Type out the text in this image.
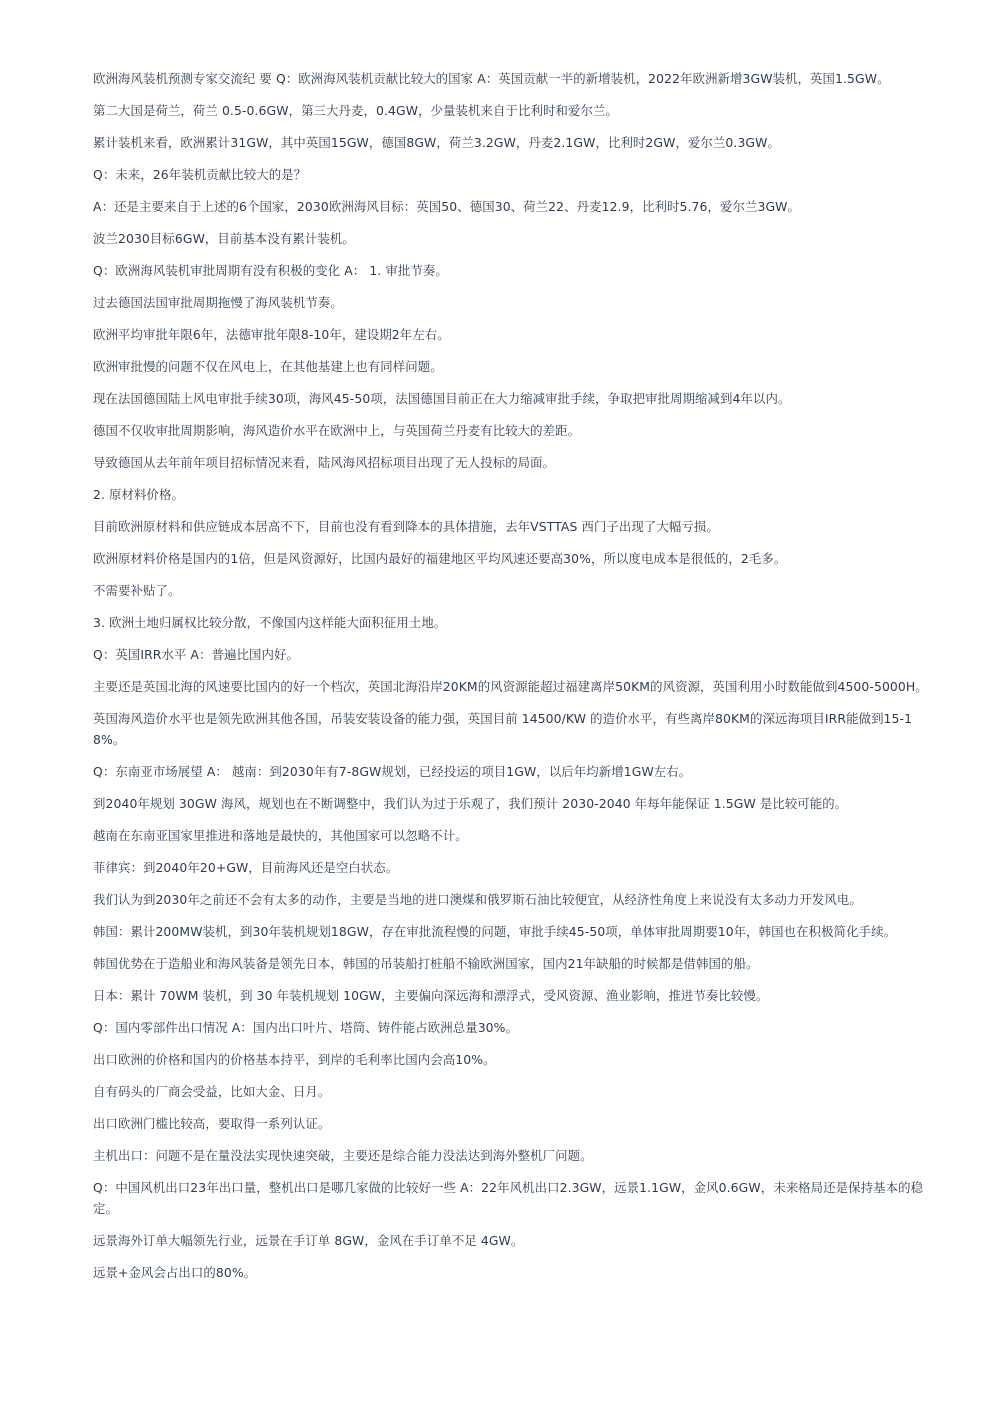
欧洲海风装机预测专家交流纪 要 Q：欧洲海风装机贡献比较大的国家 A：英国贡献一半的新增装机，2022年欧洲新增3GW装机，英国1.5GW。

第二大国是荷兰，荷兰 0.5-0.6GW，第三大丹麦，0.4GW，少量装机来自于比利时和爱尔兰。

累计装机来看，欧洲累计31GW，其中英国15GW，德国8GW，荷兰3.2GW，丹麦2.1GW，比利时2GW，爱尔兰0.3GW。

Q：未来，26年装机贡献比较大的是？

A：还是主要来自于上述的6个国家，2030欧洲海风目标：英国50、德国30、荷兰22、丹麦12.9，比利时5.76，爱尔兰3GW。

波兰2030目标6GW，目前基本没有累计装机。

Q：欧洲海风装机审批周期有没有积极的变化 A： 1. 审批节奏。

过去德国法国审批周期拖慢了海风装机节奏。

欧洲平均审批年限6年，法德审批年限8-10年，建设期2年左右。

欧洲审批慢的问题不仅在风电上，在其他基建上也有同样问题。

现在法国德国陆上风电审批手续30项，海风45-50项，法国德国目前正在大力缩减审批手续，争取把审批周期缩减到4年以内。

德国不仅收审批周期影响，海风造价水平在欧洲中上，与英国荷兰丹麦有比较大的差距。

导致德国从去年前年项目招标情况来看，陆风海风招标项目出现了无人投标的局面。

2. 原材料价格。

目前欧洲原材料和供应链成本居高不下，目前也没有看到降本的具体措施，去年VSTTAS 西门子出现了大幅亏损。

欧洲原材料价格是国内的1倍，但是风资源好，比国内最好的福建地区平均风速还要高30%，所以度电成本是很低的，2毛多。

不需要补贴了。

3. 欧洲土地归属权比较分散，不像国内这样能大面积征用土地。

Q：英国IRR水平 A：普遍比国内好。

主要还是英国北海的风速要比国内的好一个档次，英国北海沿岸20KM的风资源能超过福建离岸50KM的风资源，英国利用小时数能做到4500-5000H。

英国海风造价水平也是领先欧洲其他各国，吊装安装设备的能力强，英国目前 14500/KW 的造价水平，有些离岸80KM的深远海项目IRR能做到15-18%。

Q：东南亚市场展望 A： 越南：到2030年有7-8GW规划，已经投运的项目1GW，以后年均新增1GW左右。

到2040年规划 30GW 海风，规划也在不断调整中，我们认为过于乐观了，我们预计 2030-2040 年每年能保证 1.5GW 是比较可能的。

越南在东南亚国家里推进和落地是最快的，其他国家可以忽略不计。

菲律宾：到2040年20+GW，目前海风还是空白状态。

我们认为到2030年之前还不会有太多的动作，主要是当地的进口澳煤和俄罗斯石油比较便宜，从经济性角度上来说没有太多动力开发风电。

韩国：累计200MW装机，到30年装机规划18GW，存在审批流程慢的问题，审批手续45-50项，单体审批周期要10年，韩国也在积极简化手续。

韩国优势在于造船业和海风装备是领先日本，韩国的吊装船打桩船不输欧洲国家，国内21年缺船的时候都是借韩国的船。

日本：累计 70WM 装机，到 30 年装机规划 10GW，主要偏向深远海和漂浮式，受风资源、渔业影响，推进节奏比较慢。

Q：国内零部件出口情况 A：国内出口叶片、塔筒、铸件能占欧洲总量30%。

出口欧洲的价格和国内的价格基本持平，到岸的毛利率比国内会高10%。

自有码头的厂商会受益，比如大金、日月。

出口欧洲门槛比较高，要取得一系列认证。

主机出口：问题不是在量没法实现快速突破，主要还是综合能力没法达到海外整机厂问题。

Q：中国风机出口23年出口量，整机出口是哪几家做的比较好一些 A：22年风机出口2.3GW，远景1.1GW，金风0.6GW，未来格局还是保持基本的稳定。

远景海外订单大幅领先行业，远景在手订单 8GW，金风在手订单不足 4GW。

远景+金风会占出口的80%。
